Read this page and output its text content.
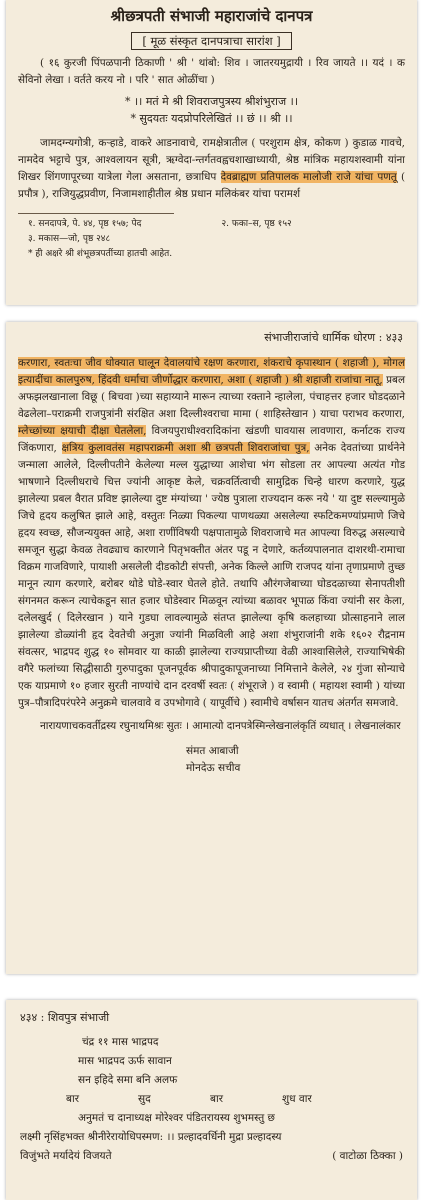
श्रीछत्रपती संभाजी महाराजांचे दानपत्र
[ मूळ संस्कृत दानपत्राचा सारांश ]

( १६ कुरजी पिंपळपानी ठिकाणी ' श्री ' थांबो: शिव । जातरयमुद्रायी । रिव जायते ।। यदं । क सेविनो लेखा । वर्तते करय नो । परि ' सात ओळींचा )

* ।। मतं मे श्री शिवराजपुत्रस्य श्रीशंभुराज ।।
* सुदयतः यदप्रोपरिलेखितं ।। छं ।। श्री ।।

जामदग्न्यगोत्री, कऱ्हाडे, वाकरे आडनावाचे, रामक्षेत्रातील ( परशुराम क्षेत्र, कोकण ) कुडाळ गावचे, नामदेव भट्टाचे पुत्र, आश्वलायन सूत्री, ऋग्वेदा-न्तर्गतवह्वचशाखाध्यायी, श्रेष्ठ मांत्रिक महायशस्वामी यांना शिखर शिंगणापूरच्या यात्रेला गेला असताना, छत्राधिप देवब्राह्मण प्रतिपालक मालोजी राजे यांचा पणतू ( प्रपौत्र ), राजियुद्धप्रवीण, निजामशाहीतील श्रेष्ठ प्रधान मलिकंबर यांचा परामर्श

१. सनदापत्रे, पे. ४४, पृष्ठ १५७; पेद	२. फका–स, पृष्ठ १५२
३. मकास—जो, पृष्ठ २४८
* ही अक्षरे श्री शंभूछत्रपतींच्या हातची आहेत.
संभाजीराजांचे धार्मिक धोरण : ४३३

करणारा, स्वतःचा जीव धोक्यात घालून देवालयांचे रक्षण करणारा, शंकराचे कृपास्थान ( शहाजी ), मोगल इत्यादींचा कालपुरुष, हिंदवी धर्माचा जीर्णोद्धार करणारा, अशा ( शहाजी ) श्री शहाजी राजांचा नातू, प्रबल अफझलखानाला विछू ( बिचवा )च्या सहाय्याने मारून त्याच्या रक्ताने न्हालेला, पंचाहत्तर हजार घोडदळाने वेढलेला–पराक्रमी राजपुत्रांनी संरक्षित अशा दिल्लीश्वराचा मामा ( शाहिस्तेखान ) याचा पराभव करणारा, म्लेच्छांच्या क्षयाची दीक्षा घेतलेला, विजयपुराधीश्वरादिकांना खंडणी घावयास लावणारा, कर्नाटक राज्य जिंकणारा, क्षत्रिय कुलावतंस महापराक्रमी अशा श्री छत्रपती शिवराजांचा पुत्र, अनेक देवतांच्या प्रार्थनेने जन्माला आलेले, दिल्लीपतीने केलेल्या मल्ल युद्धाच्या आशेचा भंग सोडला तर आपल्या अत्यंत गोड भाषणाने दिल्लीधराचे चित्त ज्यांनी आकृष्ट केले, चक्रवर्तित्वाची सामुद्रिक चिन्हे धारण करणारे, युद्ध झालेल्या प्रबल वैरात प्रविष्ट झालेल्या दुष्ट मंग्यांच्या ' ज्येष्ठ पुत्राला राज्यदान करू नये ' या दुष्ट सल्ल्यामुळे जिचे हृदय कलुषित झाले आहे, वस्तुतः निळ्या पिकल्या पाणथळ्या असलेल्या स्फटिकमण्यांप्रमाणे जिचे हृदय स्वच्छ, सौजन्ययुक्त आहे, अशा राणींविषयी पक्षपातामुळे शिवराजाचे मत आपल्या विरुद्ध असल्याचे समजून सुद्धा केवळ तेवढ्याच कारणाने पितृभक्तीत अंतर पडू न देणारे, कर्तव्यपालनात दाशरथी-रामाचा विक्रम गाजविणारे, पायाशी असलेली दीडकोटी संपत्ती, अनेक किल्ले आणि राजपद यांना तृणाप्रमाणे तुच्छ मानून त्याग करणारे, बरोबर थोडे घोडे-स्वार घेतले होते. तथापि औरंगजेबाच्या घोडदळाच्या सेनापतीशी संगनमत करून त्याचेकडून सात हजार घोडेस्वार मिळवून त्यांच्या बळावर भूपाळ किंवा ज्यांनी सर केला, दलेलखुर्द ( दिलेरखान ) याने गुडघा लावल्यामुळे संतप्त झालेल्या कृषि कलहाच्या प्रोत्साहनाने लाल झालेल्या डोळ्यांनी हृद देवतेची अनुज्ञा ज्यांनी मिळविली आहे अशा शंभुराजांनी शके १६०२ रौद्रनाम संवत्सर, भाद्रपद शुद्ध १० सोमवार या काळी झालेल्या राज्यप्राप्तीच्या वेळी आश्वासिलेले, राज्याभिषेकी वगैरे फलांच्या सिद्धीसाठी गुरुपादुका पूजनपूर्वक श्रीपादुकापूजनाच्या निमित्ताने केलेले, २४ गुंजा सोन्याचे एक याप्रमाणे १० हजार सुरती नाण्यांचे दान दरवर्षी स्वतः ( शंभूराजे ) व स्वामी ( महायश स्वामी ) यांच्या पुत्र–पौत्रादिपरंपरेने अनुक्रमे चालवावे व उपभोगावे ( यापूर्वीचे ) स्वामीचे वर्षासन यातच अंतर्गत समजावे.

नारायणाचकवर्तीद्रस्य रघुनाथमिश्रः सुतः । आमात्यो दानपत्रेस्मिन्लेखनालंकृतिं व्यधात् । लेखनालंकार

संमत आबाजी
मोनदेऊ सचीव
४३४ : शिवपुत्र संभाजी
चंद्र ११ मास भाद्रपद
मास भाद्रपद ऊर्फ सावान
सन इहिदे समा बनि अलफ
बार	सुद	बार	शुध वार
अनुमतं च दानाध्यक्ष मोरेश्वर पंडितरायस्य शुभमस्तु छ
लक्ष्मी नृसिंहभक्त श्रीनीरेरायोधिपस्मण: ।। प्रल्हादवर्धिनी मुद्रा प्रल्हादस्य
विजुंभते मर्यादेयं विजयते	( वाटोळा ठिक्का )
